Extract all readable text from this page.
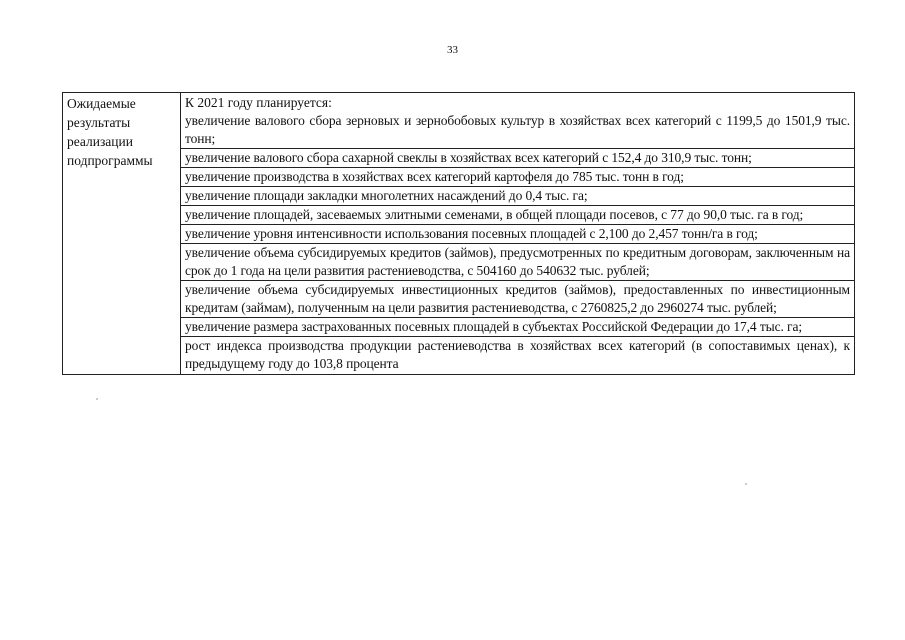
33
Ожидаемые результаты реализации подпрограммы	
К 2021 году планируется:
увеличение валового сбора зерновых и зернобобовых культур в хозяйствах всех категорий с 1199,5 до 1501,9 тыс. тонн;
увеличение валового сбора сахарной свеклы в хозяйствах всех категорий с 152,4 до 310,9 тыс. тонн;
увеличение производства в хозяйствах всех категорий картофеля до 785 тыс. тонн в год;
увеличение площади закладки многолетних насаждений до 0,4 тыс. га;
увеличение площадей, засеваемых элитными семенами, в общей площади посевов, с 77 до 90,0 тыс. га в год;
увеличение уровня интенсивности использования посевных площадей с 2,100 до 2,457 тонн/га в год;
увеличение объема субсидируемых кредитов (займов), предусмотренных по кредитным договорам, заключенным на срок до 1 года на цели развития растениеводства, с 504160 до 540632 тыс. рублей;
увеличение объема субсидируемых инвестиционных кредитов (займов), предоставленных по инвестиционным кредитам (займам), полученным на цели развития растениеводства, с 2760825,2 до 2960274 тыс. рублей;
увеличение размера застрахованных посевных площадей в субъектах Российской Федерации до 17,4 тыс. га;
рост индекса производства продукции растениеводства в хозяйствах всех категорий (в сопоставимых ценах), к предыдущему году до 103,8 процента
